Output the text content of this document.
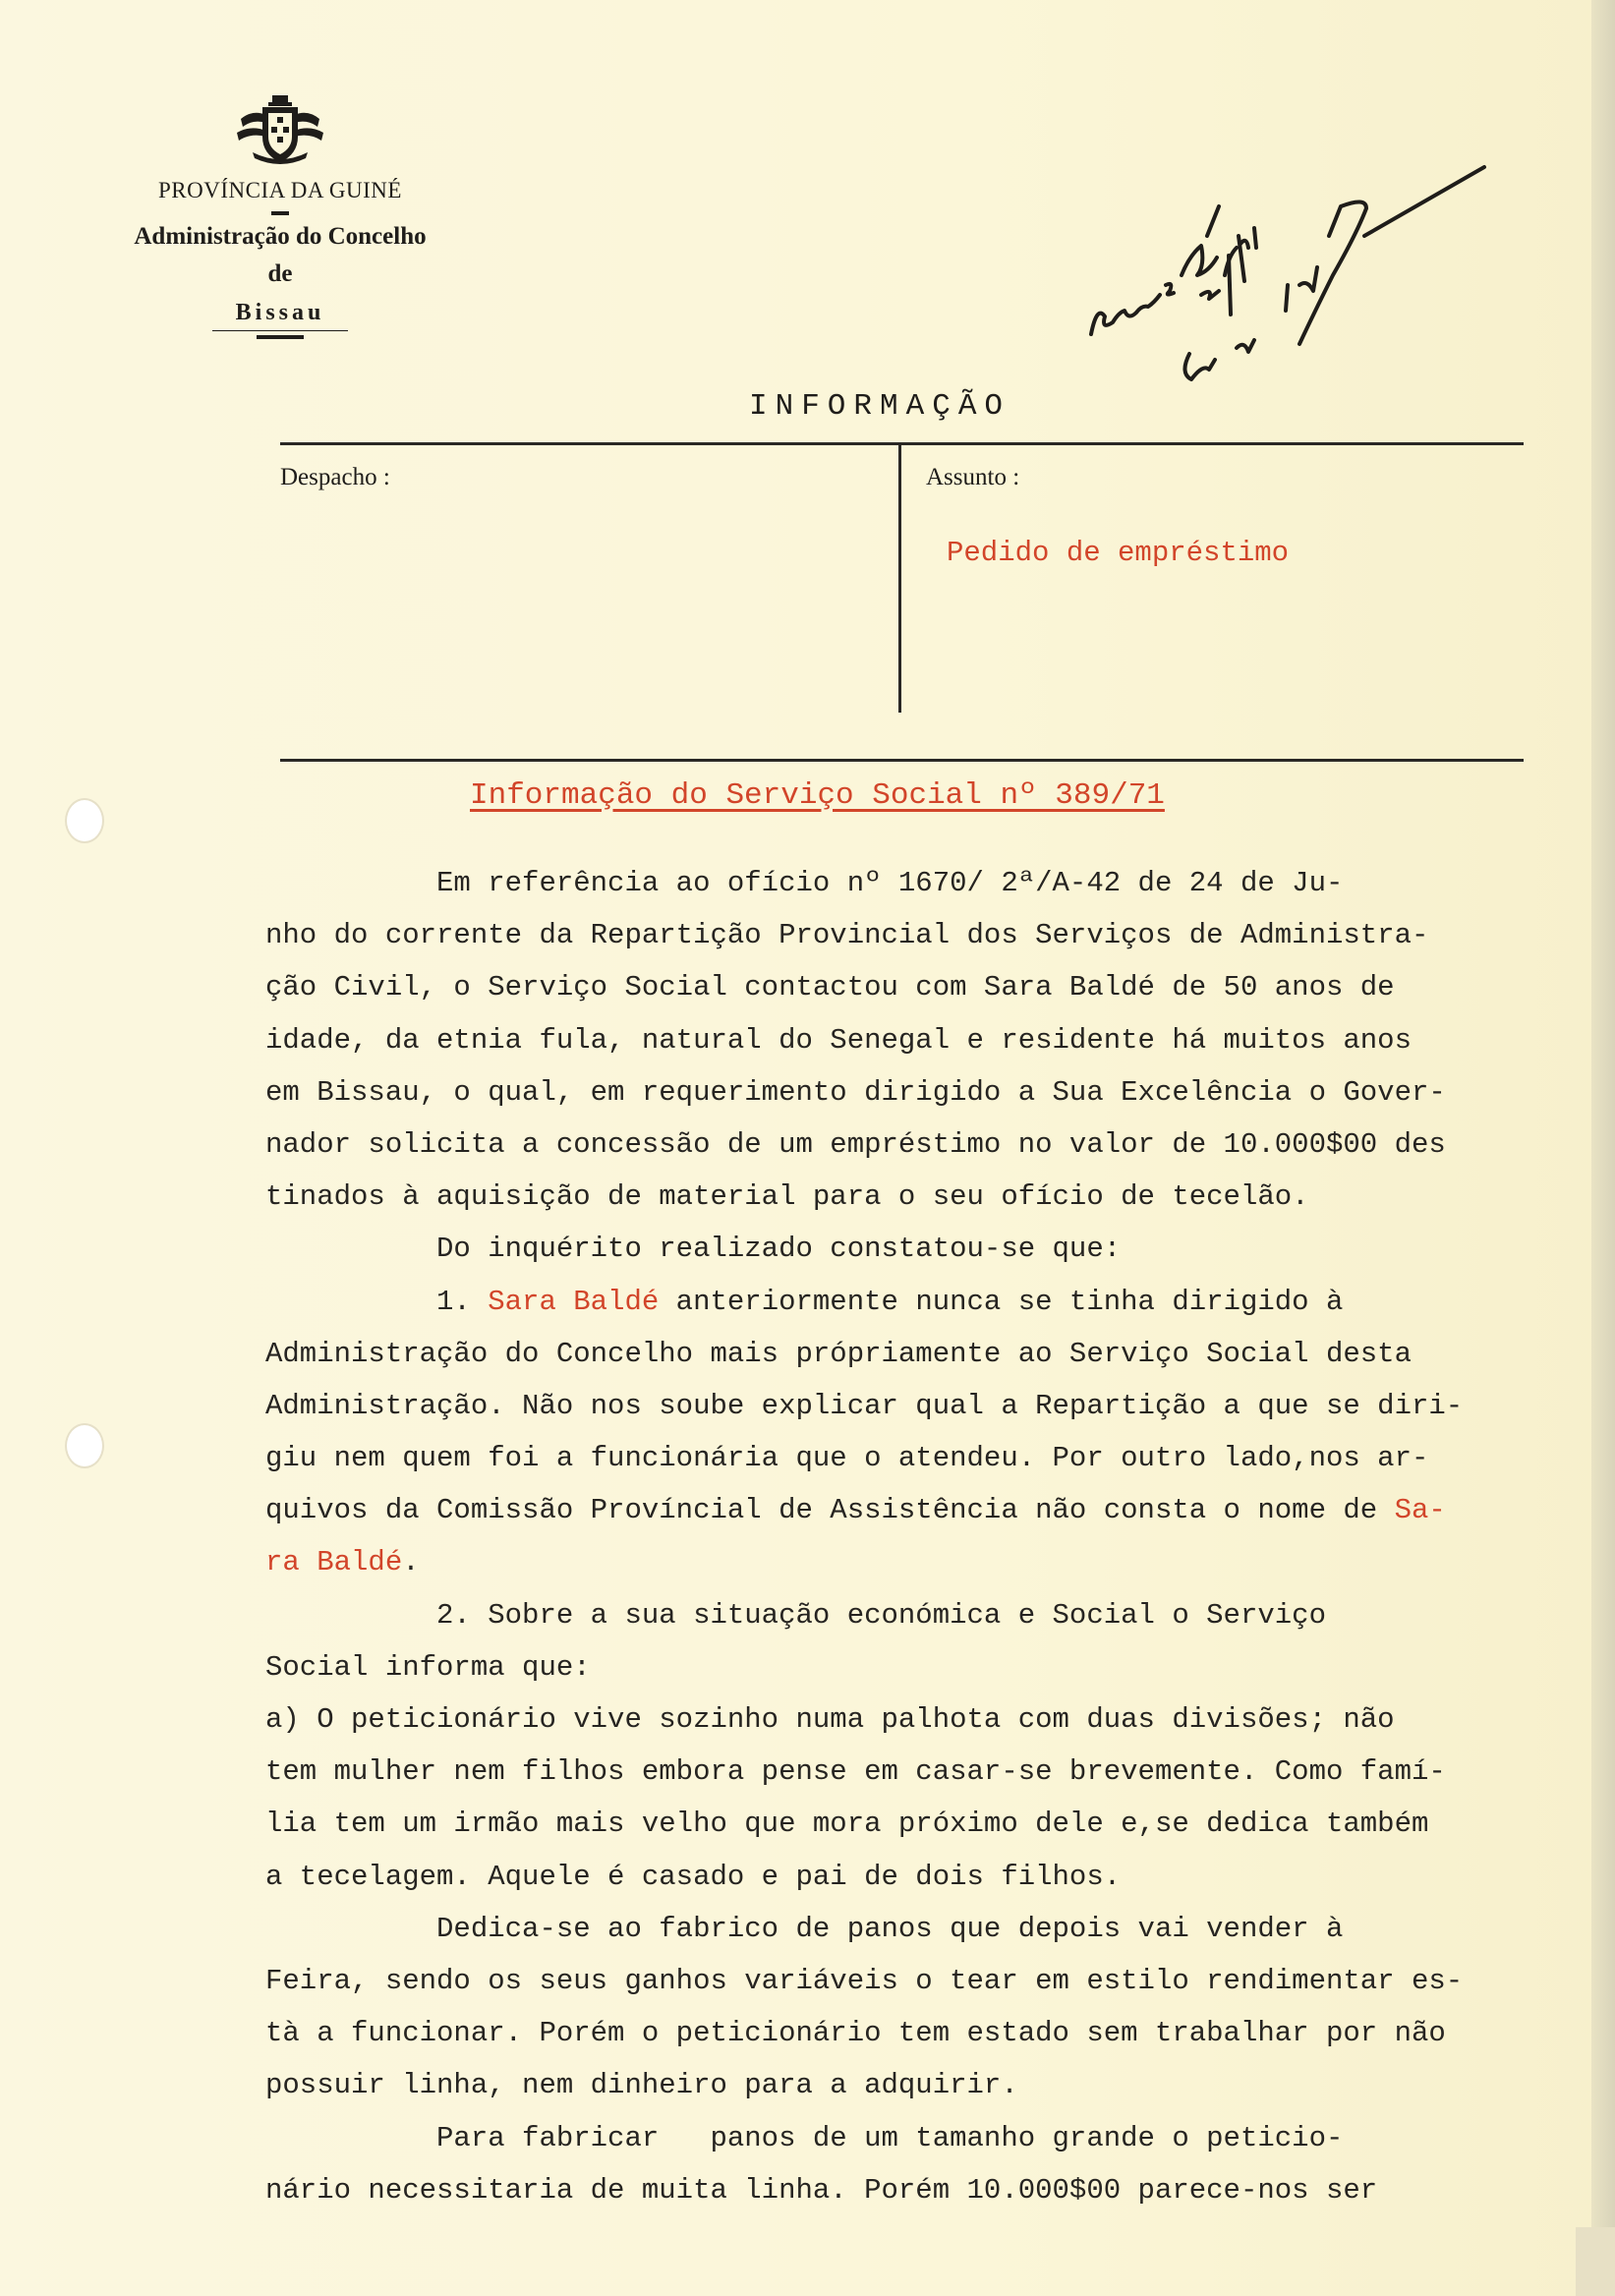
PROVÍNCIA DA GUINÉ
Administração do Concelho
de
Bissau
Remeta-se ao Cid. 12/Ago/1971
INFORMAÇÃO
Despacho :	Assunto :
Pedido de empréstimo
Informação do Serviço Social nº 389/71
Em referência ao ofício nº 1670/ 2ª/A-42 de 24 de Ju-
nho do corrente da Repartição Provincial dos Serviços de Administra-
ção Civil, o Serviço Social contactou com Sara Baldé de 50 anos de
idade, da etnia fula, natural do Senegal e residente há muitos anos
em Bissau, o qual, em requerimento dirigido a Sua Excelência o Gover-
nador solicita a concessão de um empréstimo no valor de 10.000$00 des
tinados à aquisição de material para o seu ofício de tecelão.
Do inquérito realizado constatou-se que:
1. Sara Baldé anteriormente nunca se tinha dirigido à
Administração do Concelho mais própriamente ao Serviço Social desta
Administração. Não nos soube explicar qual a Repartição a que se diri-
giu nem quem foi a funcionária que o atendeu. Por outro lado,nos ar-
quivos da Comissão Províncial de Assistência não consta o nome de Sa-
ra Baldé.
2. Sobre a sua situação económica e Social o Serviço
Social informa que:
a) O peticionário vive sozinho numa palhota com duas divisões; não
tem mulher nem filhos embora pense em casar-se brevemente. Como famí-
lia tem um irmão mais velho que mora próximo dele e,se dedica também
a tecelagem. Aquele é casado e pai de dois filhos.
Dedica-se ao fabrico de panos que depois vai vender à
Feira, sendo os seus ganhos variáveis o tear em estilo rendimentar es-
tà a funcionar. Porém o peticionário tem estado sem trabalhar por não
possuir linha, nem dinheiro para a adquirir.
Para fabricar   panos de um tamanho grande o peticio-
nário necessitaria de muita linha. Porém 10.000$00 parece-nos ser
